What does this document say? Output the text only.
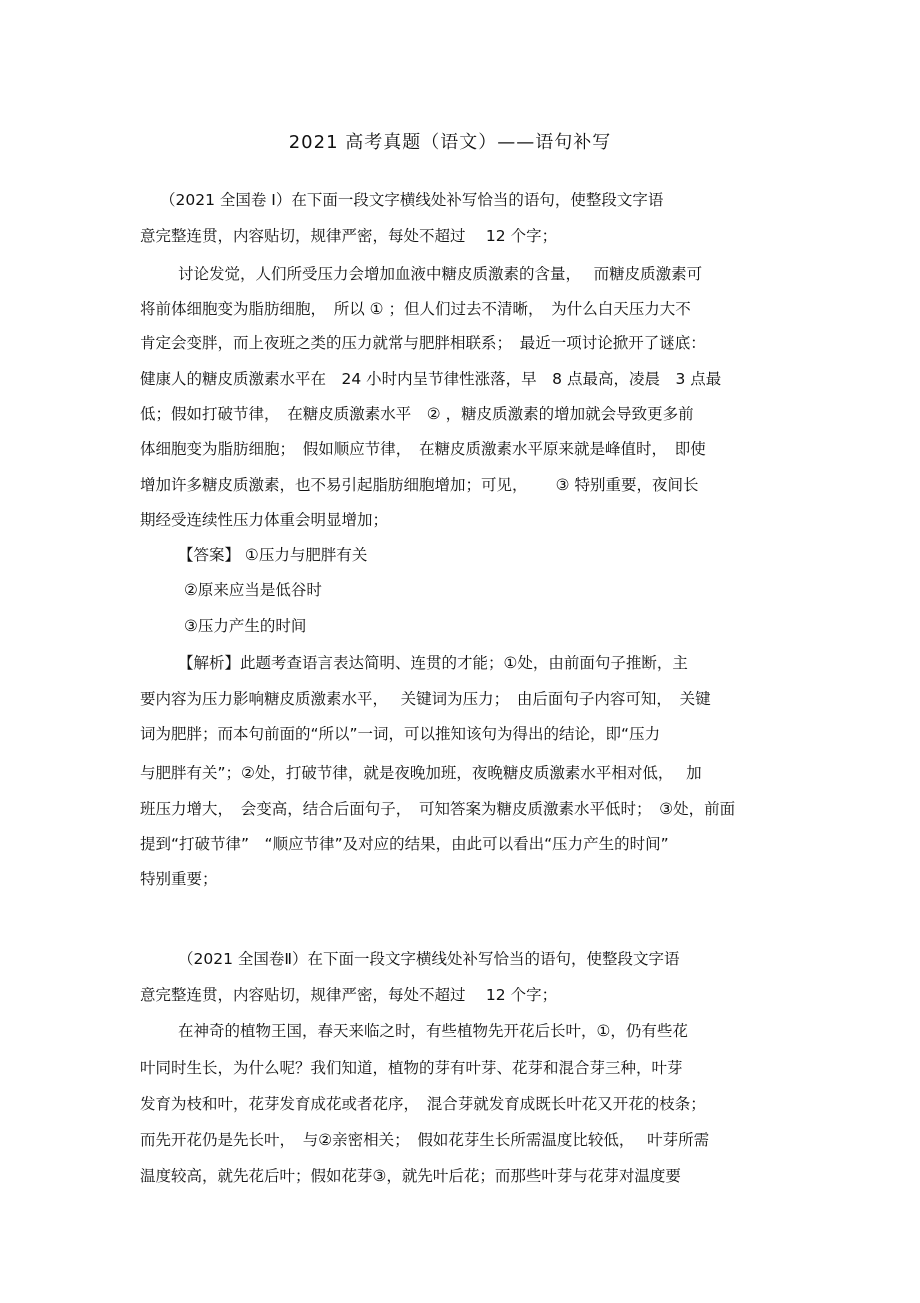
2021 高考真题（语文）——语句补写
（2021 全国卷 I）在下面一段文字横线处补写恰当的语句，使整段文字语
意完整连贯，内容贴切，规律严密，每处不超过　 12 个字；
讨论发觉，人们所受压力会增加血液中糖皮质激素的含量，　 而糖皮质激素可
将前体细胞变为脂肪细胞，　所以 ① ；但人们过去不清晰，　为什么白天压力大不
肯定会变胖，而上夜班之类的压力就常与肥胖相联系；　最近一项讨论掀开了谜底：
健康人的糖皮质激素水平在　24 小时内呈节律性涨落，早　8 点最高，凌晨　3 点最
低；假如打破节律，　在糖皮质激素水平　② ，糖皮质激素的增加就会导致更多前
体细胞变为脂肪细胞；　假如顺应节律，　在糖皮质激素水平原来就是峰值时，　即使
增加许多糖皮质激素，也不易引起脂肪细胞增加；可见，　　 ③ 特别重要，夜间长
期经受连续性压力体重会明显增加；
【答案】 ①压力与肥胖有关
②原来应当是低谷时
③压力产生的时间
【解析】此题考查语言表达简明、连贯的才能；①处，由前面句子推断，主
要内容为压力影响糖皮质激素水平，　 关键词为压力；　由后面句子内容可知，　关键
词为肥胖；而本句前面的“所以”一词，可以推知该句为得出的结论，即“压力
与肥胖有关”；②处，打破节律，就是夜晚加班，夜晚糖皮质激素水平相对低，　 加
班压力增大，　会变高，结合后面句子，　可知答案为糖皮质激素水平低时；　③处，前面
提到“打破节律”　“顺应节律”及对应的结果，由此可以看出“压力产生的时间”
特别重要；
（2021 全国卷Ⅱ）在下面一段文字横线处补写恰当的语句，使整段文字语
意完整连贯，内容贴切，规律严密，每处不超过　 12 个字；
在神奇的植物王国，春天来临之时，有些植物先开花后长叶，①，仍有些花
叶同时生长，为什么呢？我们知道，植物的芽有叶芽、花芽和混合芽三种，叶芽
发育为枝和叶，花芽发育成花或者花序，　混合芽就发育成既长叶花又开花的枝条；
而先开花仍是先长叶，　与②亲密相关；　假如花芽生长所需温度比较低，　 叶芽所需
温度较高，就先花后叶；假如花芽③，就先叶后花；而那些叶芽与花芽对温度要
